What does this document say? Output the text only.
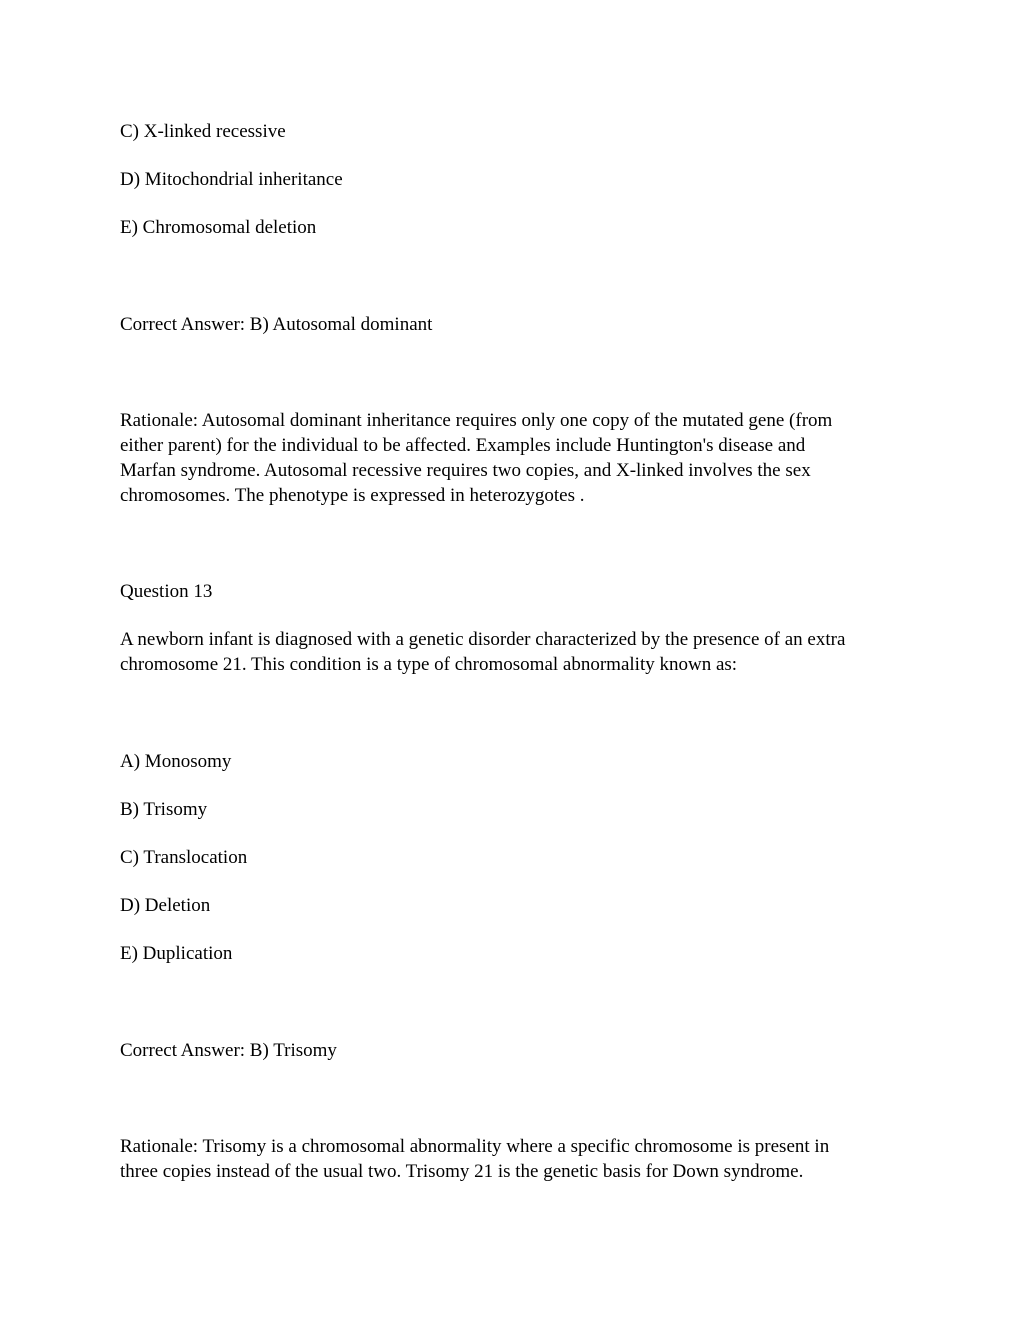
C) X-linked recessive

D) Mitochondrial inheritance

E) Chromosomal deletion

Correct Answer: B) Autosomal dominant

Rationale: Autosomal dominant inheritance requires only one copy of the mutated gene (from

either parent) for the individual to be affected. Examples include Huntington's disease and

Marfan syndrome. Autosomal recessive requires two copies, and X-linked involves the sex

chromosomes. The phenotype is expressed in heterozygotes .

Question 13

A newborn infant is diagnosed with a genetic disorder characterized by the presence of an extra

chromosome 21. This condition is a type of chromosomal abnormality known as:

A) Monosomy

B) Trisomy

C) Translocation

D) Deletion

E) Duplication

Correct Answer: B) Trisomy

Rationale: Trisomy is a chromosomal abnormality where a specific chromosome is present in

three copies instead of the usual two. Trisomy 21 is the genetic basis for Down syndrome.
